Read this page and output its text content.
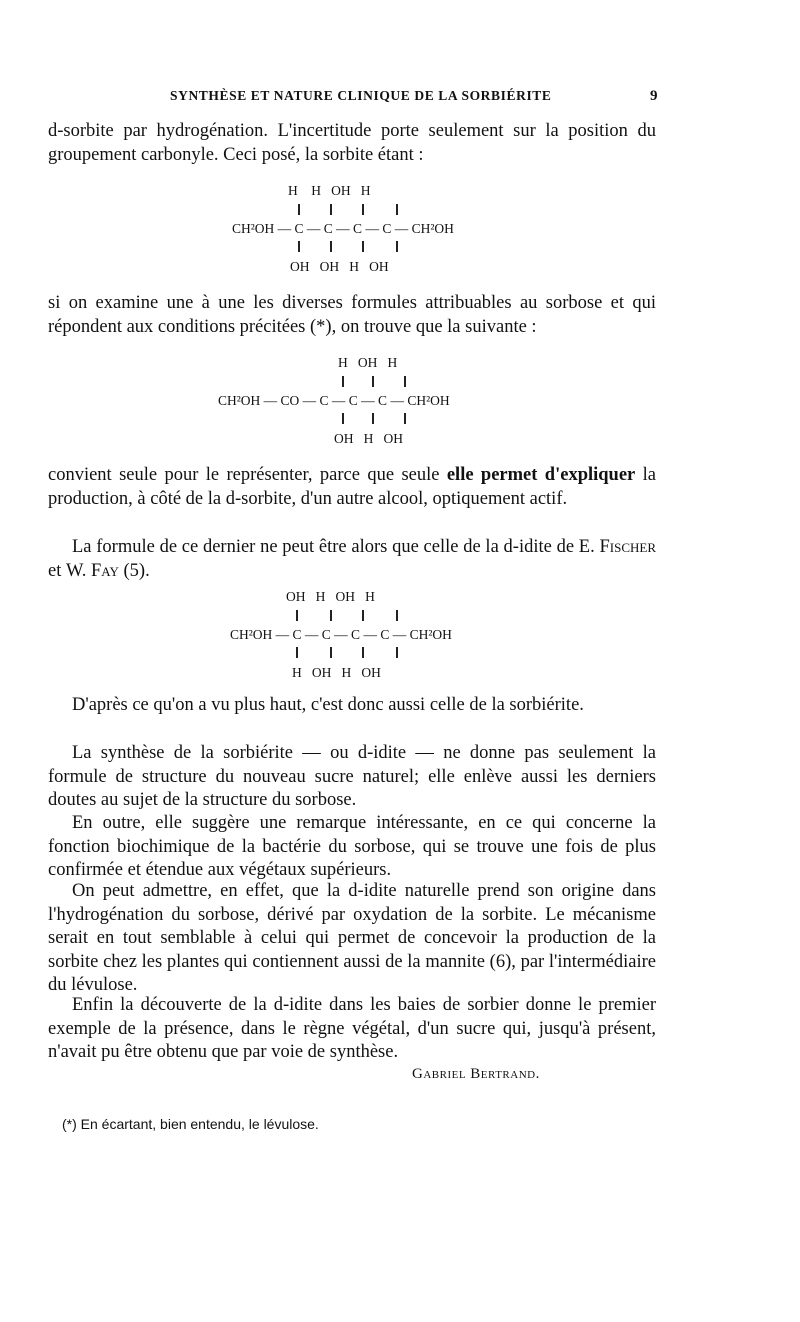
SYNTHÈSE ET NATURE CLINIQUE DE LA SORBIÉRITE	9
d-sorbite par hydrogénation. L'incertitude porte seulement sur la position du groupement carbonyle. Ceci posé, la sorbite étant :

H    H   OH   H

CH²OH — C — C — C — C — CH²OH

OH   OH   H   OH

si on examine une à une les diverses formules attribuables au sorbose et qui répondent aux conditions précitées (*), on trouve que la suivante :

H   OH   H

CH²OH — CO — C — C — C — CH²OH

OH   H   OH

convient seule pour le représenter, parce que seule elle permet d'expliquer la production, à côté de la d-sorbite, d'un autre alcool, optiquement actif.
La formule de ce dernier ne peut être alors que celle de la d-idite de E. Fischer et W. Fay (5).

OH   H   OH   H

CH²OH — C — C — C — C — CH²OH

H   OH   H   OH

D'après ce qu'on a vu plus haut, c'est donc aussi celle de la sorbiérite.
La synthèse de la sorbiérite — ou d-idite — ne donne pas seulement la formule de structure du nouveau sucre naturel; elle enlève aussi les derniers doutes au sujet de la structure du sorbose.
En outre, elle suggère une remarque intéressante, en ce qui concerne la fonction biochimique de la bactérie du sorbose, qui se trouve une fois de plus confirmée et étendue aux végétaux supérieurs.
On peut admettre, en effet, que la d-idite naturelle prend son origine dans l'hydrogénation du sorbose, dérivé par oxydation de la sorbite. Le mécanisme serait en tout semblable à celui qui permet de concevoir la production de la sorbite chez les plantes qui contiennent aussi de la mannite (6), par l'intermédiaire du lévulose.
Enfin la découverte de la d-idite dans les baies de sorbier donne le premier exemple de la présence, dans le règne végétal, d'un sucre qui, jusqu'à présent, n'avait pu être obtenu que par voie de synthèse.
Gabriel Bertrand.
(*) En écartant, bien entendu, le lévulose.
